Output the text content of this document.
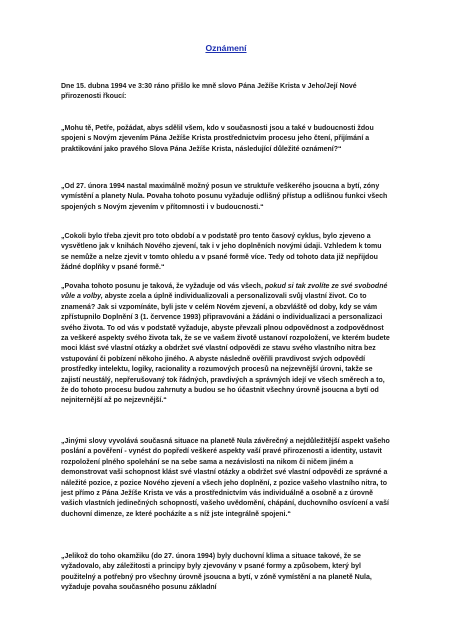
Oznámení

Dne 15. dubna 1994 ve 3:30 ráno přišlo ke mně slovo Pána Ježíše Krista v Jeho/Její Nové přirozenosti řkoucí:

„Mohu tě, Petře, požádat, abys sdělil všem, kdo v současnosti jsou a také v budoucnosti ždou spojeni s Novým zjevením Pána Ježíše Krista prostřednictvím procesu jeho čtení, přijímání a praktikování jako pravého Slova Pána Ježíše Krista, následující důležité oznámení?“

„Od 27. února 1994 nastal maximálně možný posun ve struktuře veškerého jsoucna a bytí, zóny vymístění a planety Nula. Povaha tohoto posunu vyžaduje odlišný přístup a odlišnou funkci všech spojených s Novým zjevením v přítomnosti i v budoucnosti.“

„Cokoli bylo třeba zjevit pro toto období a v podstatě pro tento časový cyklus, bylo zjeveno a vysvětleno jak v knihách Nového zjevení, tak i v jeho doplněních novými údaji. Vzhledem k tomu se nemůže a nelze zjevit v tomto ohledu a v psané formě více. Tedy od tohoto data již nepřijdou žádné doplňky v psané formě.“

„Povaha tohoto posunu je taková, že vyžaduje od vás všech, pokud si tak zvolíte ze své svobodné vůle a volby, abyste zcela a úplně individualizovali a personalizovali svůj vlastní život. Co to znamená? Jak si vzpomínáte, byli jste v celém Novém zjevení, a obzvláště od doby, kdy se vám zpřístupnilo Doplnění 3 (1. července 1993) připravováni a žádáni o individualizaci a personalizaci svého života. To od vás v podstatě vyžaduje, abyste převzali plnou odpovědnost a zodpovědnost za veškeré aspekty svého života tak, že se ve vašem životě ustanoví rozpoložení, ve kterém budete moci klást své vlastní otázky a obdržet své vlastní odpovědi ze stavu svého vlastního nitra bez vstupování či pobízení někoho jiného. A abyste následně ověřili pravdivost svých odpovědí prostředky intelektu, logiky, racionality a rozumových procesů na nejzevnější úrovni, takže se zajistí neustálý, nepřerušovaný tok řádných, pravdivých a správných idejí ve všech směrech a to, že do tohoto procesu budou zahrnuty a budou se ho účastnit všechny úrovně jsoucna a bytí od nejniternější až po nejzevnější.“

„Jinými slovy vyvolává současná situace na planetě Nula závěrečný a nejdůležitější aspekt vašeho poslání a pověření - vynést do popředí veškeré aspekty vaší pravé přirozenosti a identity, ustavit rozpoložení plného spolehání se na sebe sama a nezávislosti na nikom či ničem jiném a demonstrovat vaši schopnost klást své vlastní otázky a obdržet své vlastní odpovědi ze správné a náležité pozice, z pozice Nového zjevení a všech jeho doplnění, z pozice vašeho vlastního nitra, to jest přímo z Pána Ježíše Krista ve vás a prostřednictvím vás individuálně a osobně a z úrovně vašich vlastních jedinečných schopností, vašeho uvědomění, chápání, duchovního osvícení a vaší duchovní dimenze, ze které pocházíte a s níž jste integrálně spojeni.“

„Jelikož do toho okamžiku (do 27. února 1994) byly duchovní klima a situace takové, že se vyžadovalo, aby záležitosti a principy byly zjevovány v psané formy a způsobem, který byl použitelný a potřebný pro všechny úrovně jsoucna a bytí, v zóně vymístění a na planetě Nula, vyžaduje povaha současného posunu základní
